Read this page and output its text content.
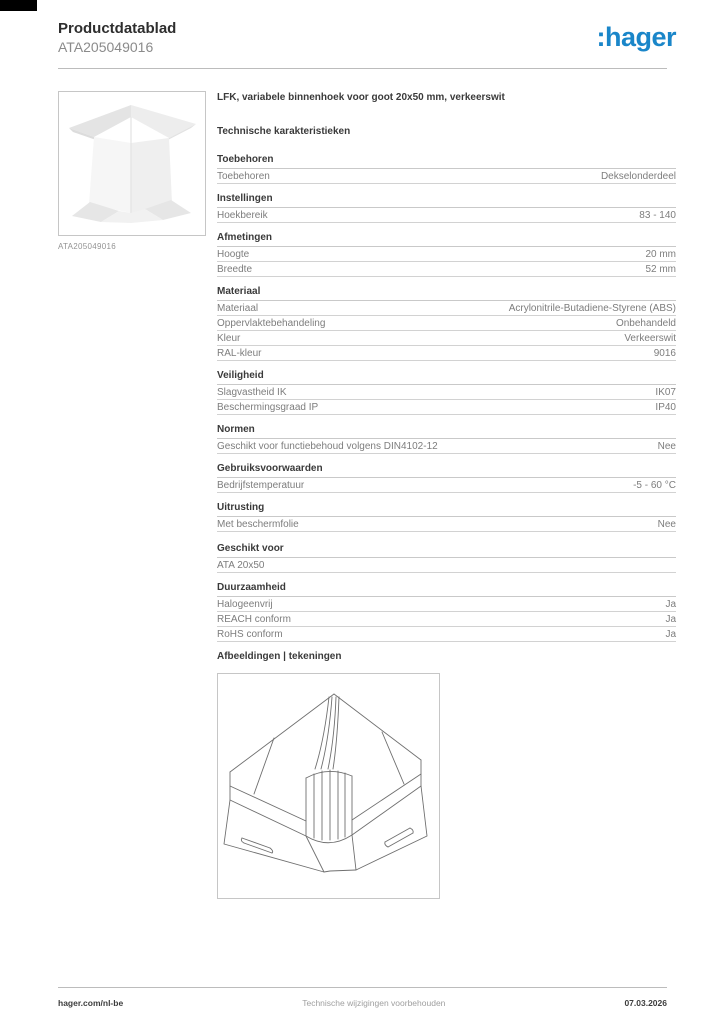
Productdatablad
ATA205049016	:hager
ATA205049016
LFK, variabele binnenhoek voor goot 20x50 mm, verkeerswit
Technische karakteristieken
Toebehoren
Toebehoren	Dekselonderdeel
Instellingen
Hoekbereik	83 - 140
Afmetingen
Hoogte	20 mm
Breedte	52 mm
Materiaal
Materiaal	Acrylonitrile-Butadiene-Styrene (ABS)
Oppervlaktebehandeling	Onbehandeld
Kleur	Verkeerswit
RAL-kleur	9016
Veiligheid
Slagvastheid IK	IK07
Beschermingsgraad IP	IP40
Normen
Geschikt voor functiebehoud volgens DIN4102-12	Nee
Gebruiksvoorwaarden
Bedrijfstemperatuur	-5 - 60 °C
Uitrusting
Met beschermfolie	Nee
Geschikt voor
ATA 20x50
Duurzaamheid
Halogeenvrij	Ja
REACH conform	Ja
RoHS conform	Ja
Afbeeldingen | tekeningen
hager.com/nl-be	Technische wijzigingen voorbehouden	07.03.2026
